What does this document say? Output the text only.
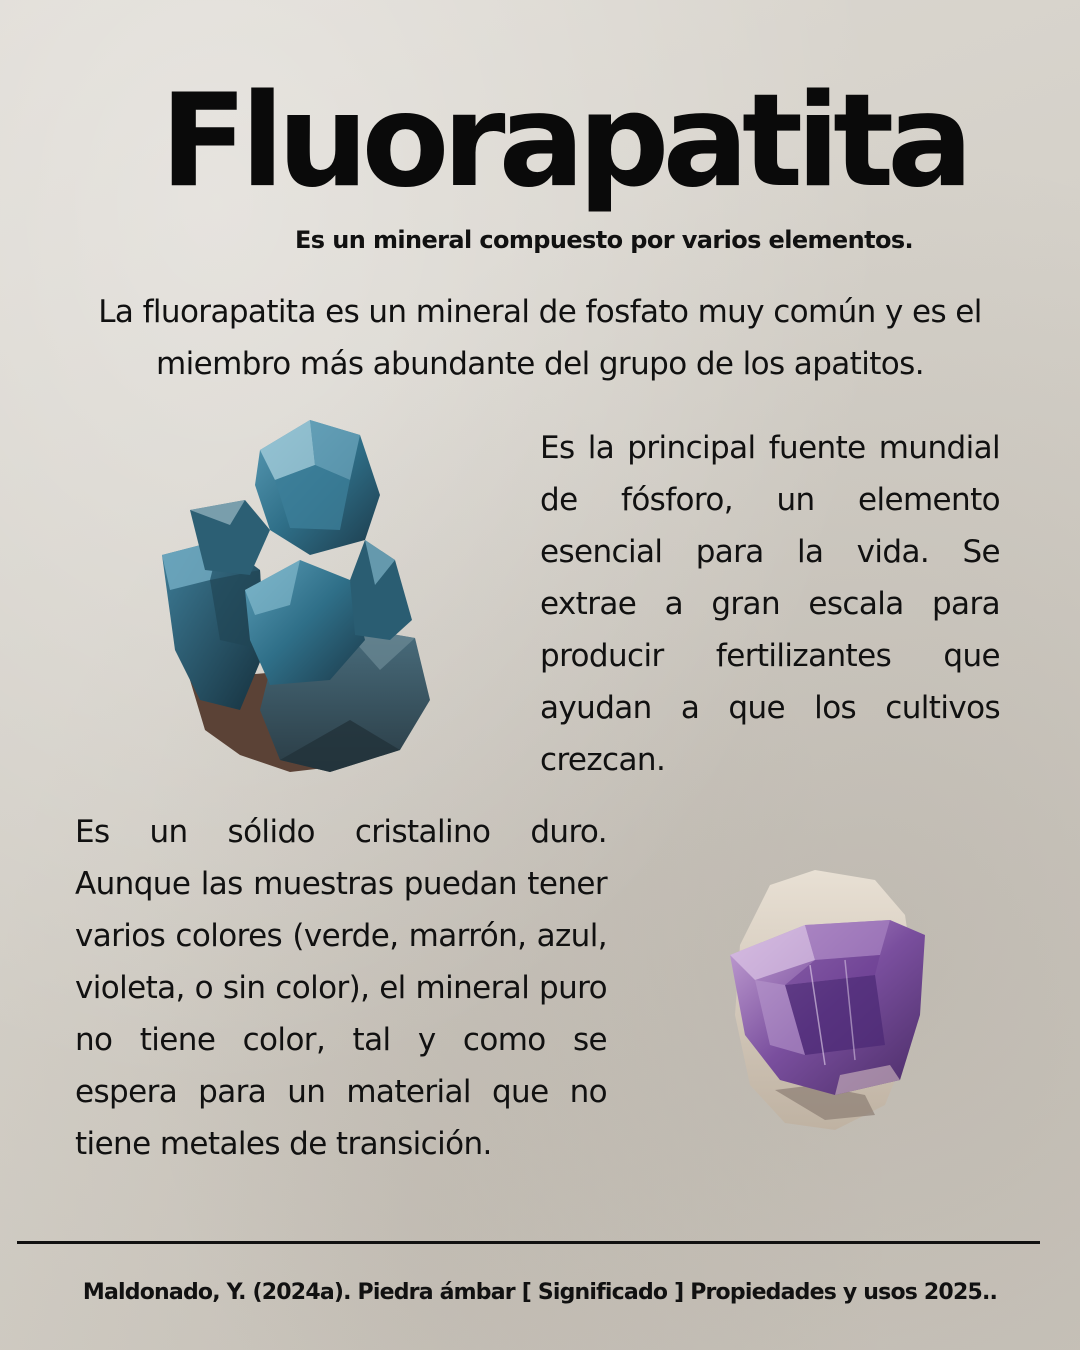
Fluorapatita

Es un mineral compuesto por varios elementos.

La fluorapatita es un mineral de fosfato muy común y es el miembro más abundante del grupo de los apatitos.

Es la principal fuente mundial de fósforo, un elemento esencial para la vida. Se extrae a gran escala para producir fertilizantes que ayudan a que los cultivos crezcan.

Es un sólido cristalino duro. Aunque las muestras puedan tener varios colores (verde, marrón, azul, violeta, o sin color), el mineral puro no tiene color, tal y como se espera para un material que no tiene metales de transición.

Maldonado, Y. (2024a). Piedra ámbar [ Significado ] Propiedades y usos 2025..
